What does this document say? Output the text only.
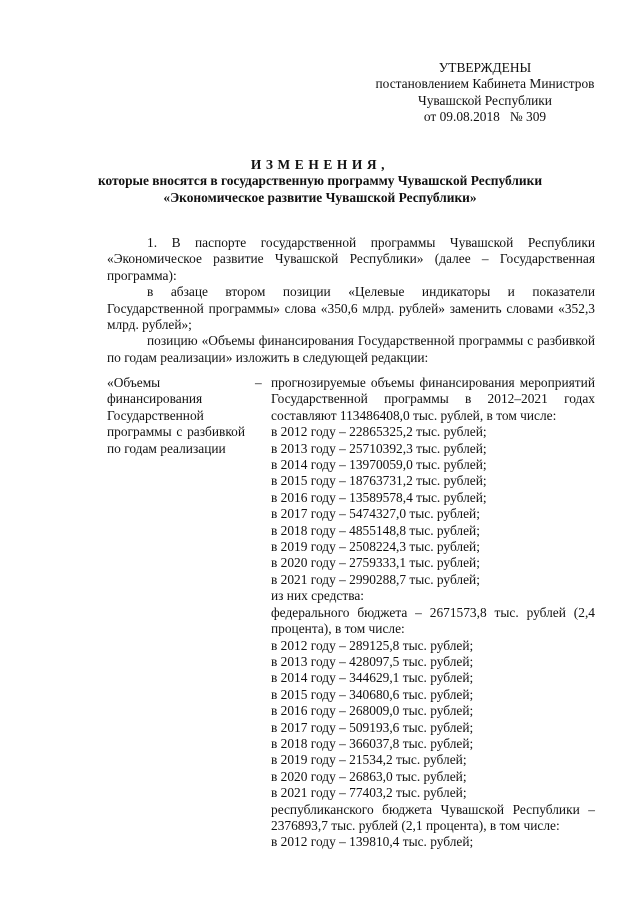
УТВЕРЖДЕНЫ
постановлением Кабинета Министров
Чувашской Республики
от 09.08.2018   № 309
ИЗМЕНЕНИЯ,
которые вносятся в государственную программу Чувашской Республики
«Экономическое развитие Чувашской Республики»

1. В паспорте государственной программы Чувашской Республики «Экономическое развитие Чувашской Республики» (далее – Государственная программа):

в абзаце втором позиции «Целевые индикаторы и показатели Государственной программы» слова «350,6 млрд. рублей» заменить словами «352,3 млрд. рублей»;

позицию «Объемы финансирования Государственной программы с разбивкой по годам реализации» изложить в следующей редакции:

«Объемы финансирования Государственной программы с разбивкой по годам реализации

– прогнозируемые объемы финансирования мероприятий Государственной программы в 2012–2021 годах составляют 113486408,0 тыс. рублей, в том числе:
в 2012 году – 22865325,2 тыс. рублей;
в 2013 году – 25710392,3 тыс. рублей;
в 2014 году – 13970059,0 тыс. рублей;
в 2015 году – 18763731,2 тыс. рублей;
в 2016 году – 13589578,4 тыс. рублей;
в 2017 году – 5474327,0 тыс. рублей;
в 2018 году – 4855148,8 тыс. рублей;
в 2019 году – 2508224,3 тыс. рублей;
в 2020 году – 2759333,1 тыс. рублей;
в 2021 году – 2990288,7 тыс. рублей;
из них средства:
федерального бюджета – 2671573,8 тыс. рублей (2,4 процента), в том числе:
в 2012 году – 289125,8 тыс. рублей;
в 2013 году – 428097,5 тыс. рублей;
в 2014 году – 344629,1 тыс. рублей;
в 2015 году – 340680,6 тыс. рублей;
в 2016 году – 268009,0 тыс. рублей;
в 2017 году – 509193,6 тыс. рублей;
в 2018 году – 366037,8 тыс. рублей;
в 2019 году – 21534,2 тыс. рублей;
в 2020 году – 26863,0 тыс. рублей;
в 2021 году – 77403,2 тыс. рублей;
республиканского бюджета Чувашской Республики – 2376893,7 тыс. рублей (2,1 процента), в том числе:
в 2012 году – 139810,4 тыс. рублей;
